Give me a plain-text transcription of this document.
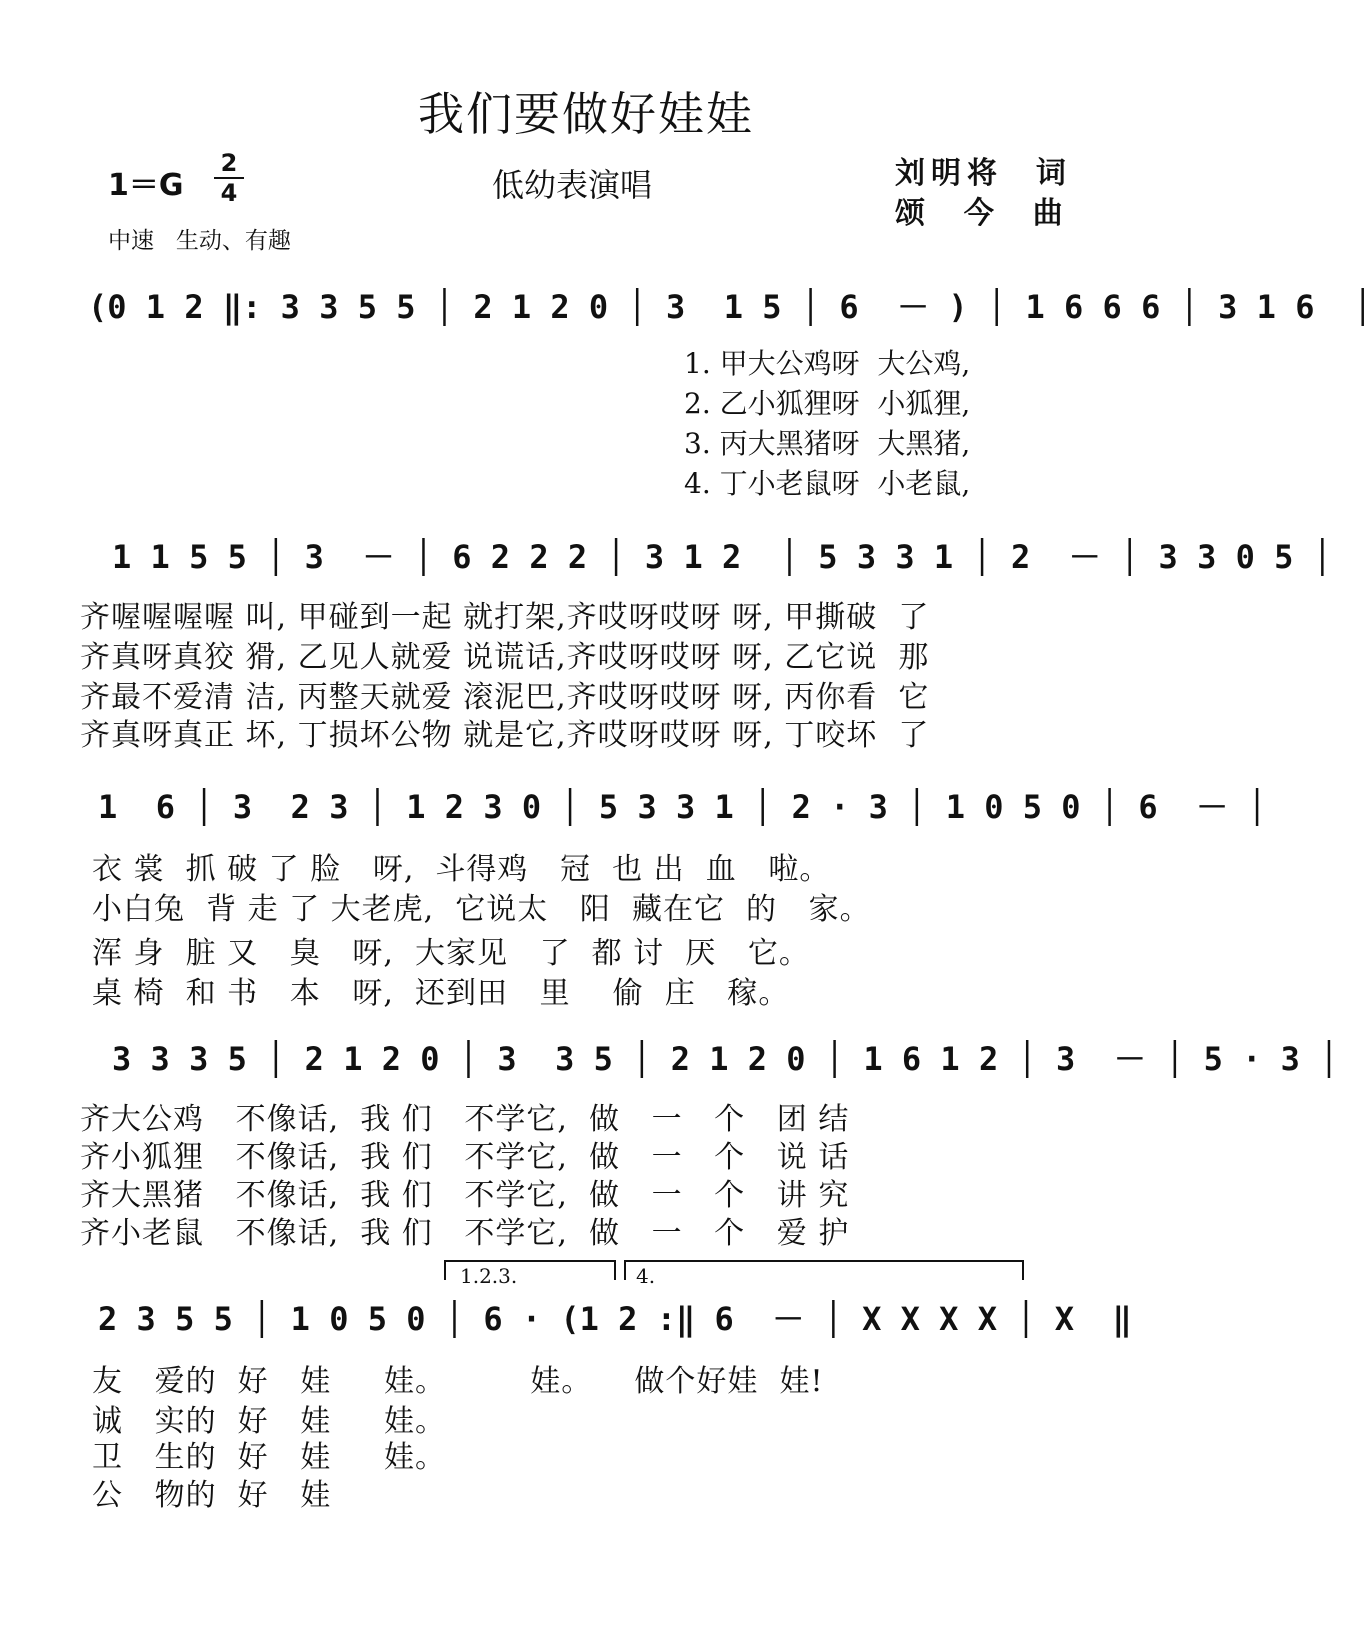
我们要做好娃娃
1＝G
2
4	低幼表演唱	刘明将  词
颂  今  曲
中速   生动、有趣
(0 1 2 ‖: 3 3 5 5 │ 2 1 2 0 │ 3  1 5 │ 6  － ) │ 1 6 6 6 │ 3 1 6  │
1. 甲大公鸡呀  大公鸡,
2. 乙小狐狸呀  小狐狸,
3. 丙大黑猪呀  大黑猪,
4. 丁小老鼠呀  小老鼠,
1 1 5 5 │ 3  － │ 6 2 2 2 │ 3 1 2  │ 5 3 3 1 │ 2  － │ 3 3 0 5 │
齐喔喔喔喔 叫, 甲碰到一起 就打架,齐哎呀哎呀 呀, 甲撕破  了
齐真呀真狡 猾, 乙见人就爱 说谎话,齐哎呀哎呀 呀, 乙它说  那
齐最不爱清 洁, 丙整天就爱 滚泥巴,齐哎呀哎呀 呀, 丙你看  它
齐真呀真正 坏, 丁损坏公物 就是它,齐哎呀哎呀 呀, 丁咬坏  了
1  6 │ 3  2 3 │ 1 2 3 0 │ 5 3 3 1 │ 2 · 3 │ 1 0 5 0 │ 6  － │
衣 裳  抓 破 了 脸   呀,  斗得鸡   冠  也 出  血   啦。
小白兔  背 走 了 大老虎,  它说太   阳  藏在它  的   家。
浑 身  脏 又   臭   呀,  大家见   了  都 讨  厌   它。
桌 椅  和 书   本   呀,  还到田   里    偷  庄   稼。
3 3 3 5 │ 2 1 2 0 │ 3  3 5 │ 2 1 2 0 │ 1 6 1 2 │ 3  － │ 5 · 3 │
齐大公鸡   不像话,  我 们   不学它,  做   一   个   团 结
齐小狐狸   不像话,  我 们   不学它,  做   一   个   说 话
齐大黑猪   不像话,  我 们   不学它,  做   一   个   讲 究
齐小老鼠   不像话,  我 们   不学它,  做   一   个   爱 护
1.2.3.	4.
2 3 5 5 │ 1 0 5 0 │ 6 · (1 2 :‖ 6  － │ X X X X │ X  ‖
友   爱的  好   娃     娃。        娃。    做个好娃  娃!
诚   实的  好   娃     娃。
卫   生的  好   娃     娃。
公   物的  好   娃
